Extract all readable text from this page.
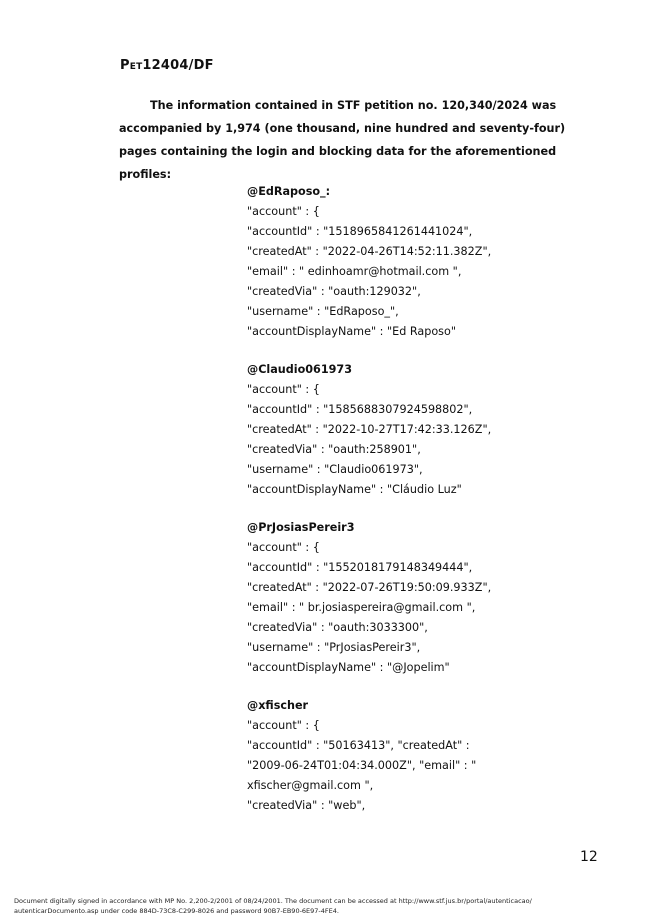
Pet12404/DF
The information contained in STF petition no. 120,340/2024 was accompanied by 1,974 (one thousand, nine hundred and seventy-four) pages containing the login and blocking data for the aforementioned profiles:
@EdRaposo_:
"account" : {
"accountId" : "1518965841261441024",
"createdAt" : "2022-04-26T14:52:11.382Z",
"email" : " edinhoamr@hotmail.com ",
"createdVia" : "oauth:129032",
"username" : "EdRaposo_",
"accountDisplayName" : "Ed Raposo"
@Claudio061973
"account" : {
"accountId" : "1585688307924598802",
"createdAt" : "2022-10-27T17:42:33.126Z",
"createdVia" : "oauth:258901",
"username" : "Claudio061973",
"accountDisplayName" : "Cláudio Luz"
@PrJosiasPereir3
"account" : {
"accountId" : "1552018179148349444",
"createdAt" : "2022-07-26T19:50:09.933Z",
"email" : " br.josiaspereira@gmail.com ",
"createdVia" : "oauth:3033300",
"username" : "PrJosiasPereir3",
"accountDisplayName" : "@Jopelim"
@xfischer
"account" : {
"accountId" : "50163413", "createdAt" :
"2009-06-24T01:04:34.000Z", "email" : "
xfischer@gmail.com ",
"createdVia" : "web",
12
Document digitally signed in accordance with MP No. 2,200-2/2001 of 08/24/2001. The document can be accessed at http://www.stf.jus.br/portal/autenticacao/
autenticarDocumento.asp under code 884D-73C8-C299-8026 and password 90B7-EB90-6E97-4FE4.
